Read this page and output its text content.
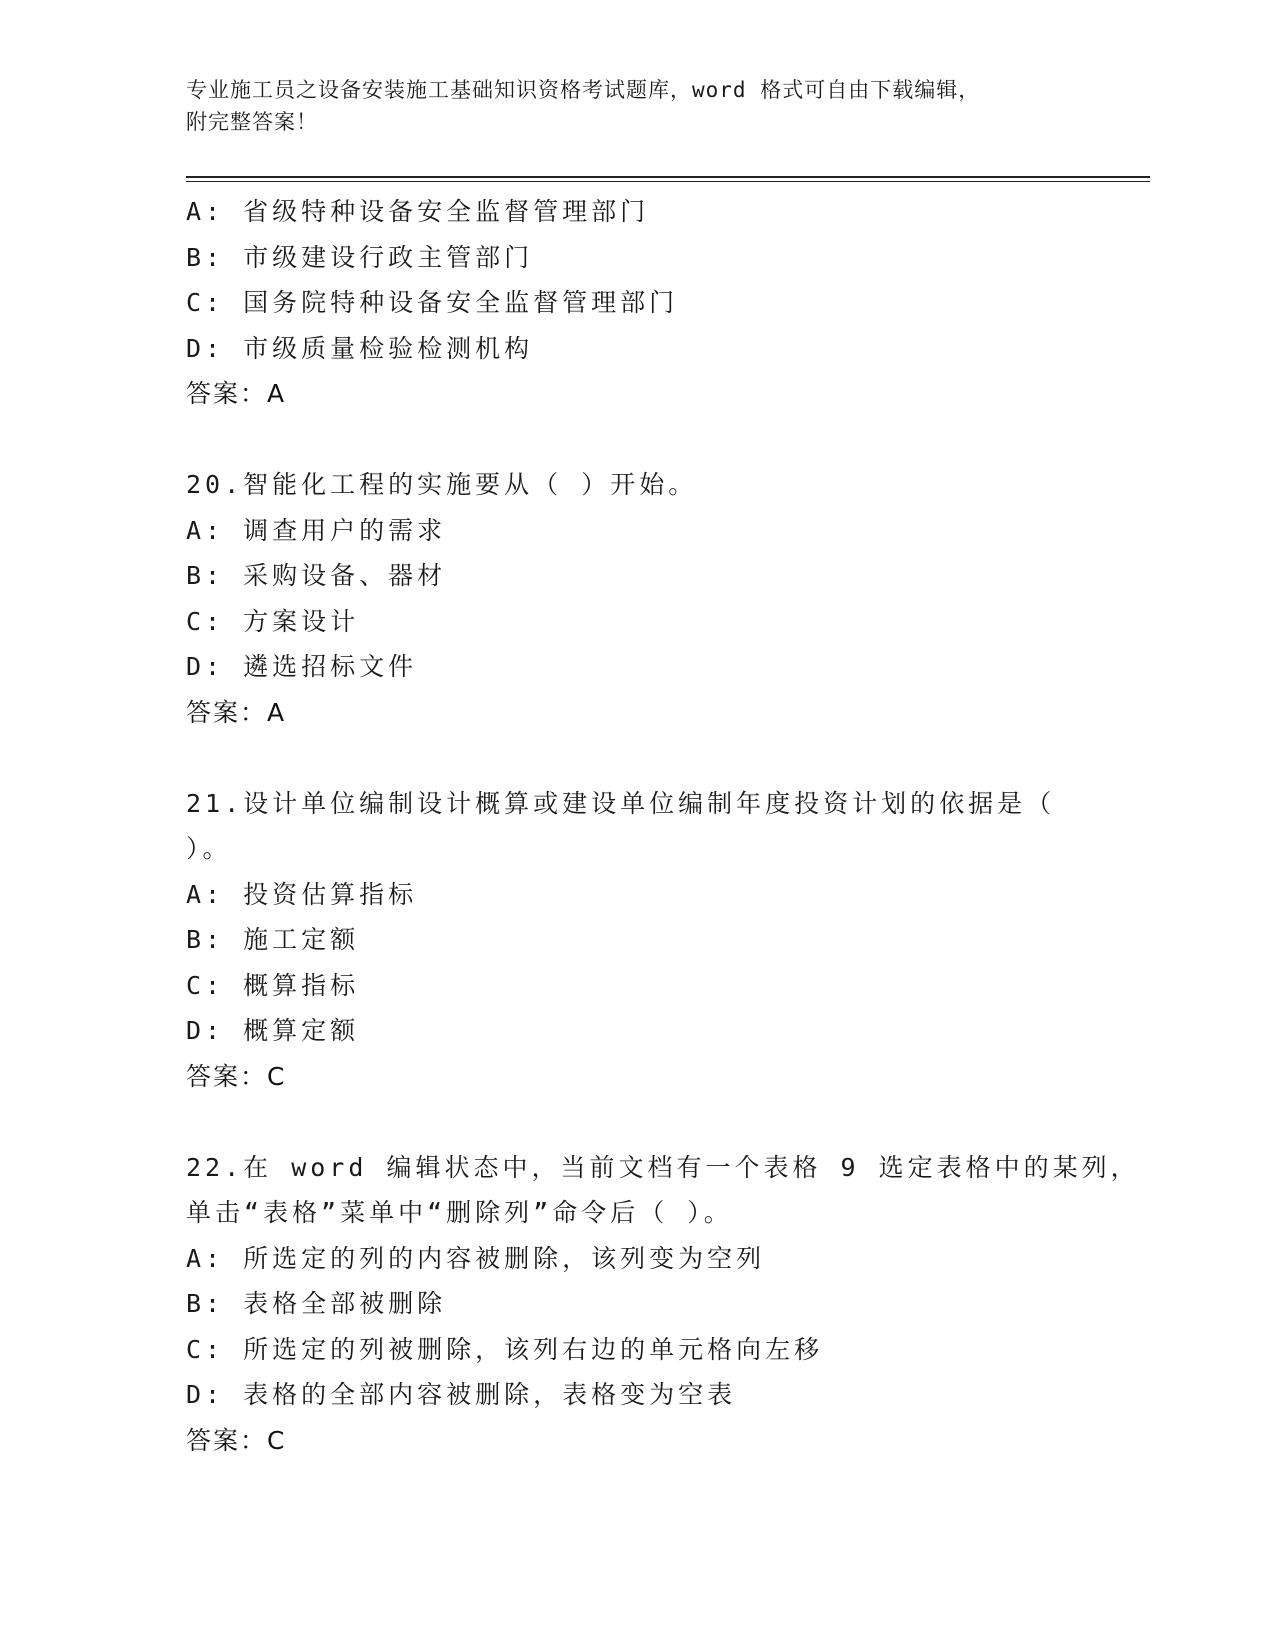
专业施工员之设备安装施工基础知识资格考试题库，word 格式可自由下载编辑，
附完整答案！
A: 省级特种设备安全监督管理部门
B: 市级建设行政主管部门
C: 国务院特种设备安全监督管理部门
D: 市级质量检验检测机构
答案：A
20.智能化工程的实施要从（ ）开始。
A: 调查用户的需求
B: 采购设备、器材
C: 方案设计
D: 遴选招标文件
答案：A
21.设计单位编制设计概算或建设单位编制年度投资计划的依据是（
）。
A: 投资估算指标
B: 施工定额
C: 概算指标
D: 概算定额
答案：C
22.在 word 编辑状态中，当前文档有一个表格 9 选定表格中的某列，
单击“表格”菜单中“删除列”命令后（ ）。
A: 所选定的列的内容被删除，该列变为空列
B: 表格全部被删除
C: 所选定的列被删除，该列右边的单元格向左移
D: 表格的全部内容被删除，表格变为空表
答案：C
